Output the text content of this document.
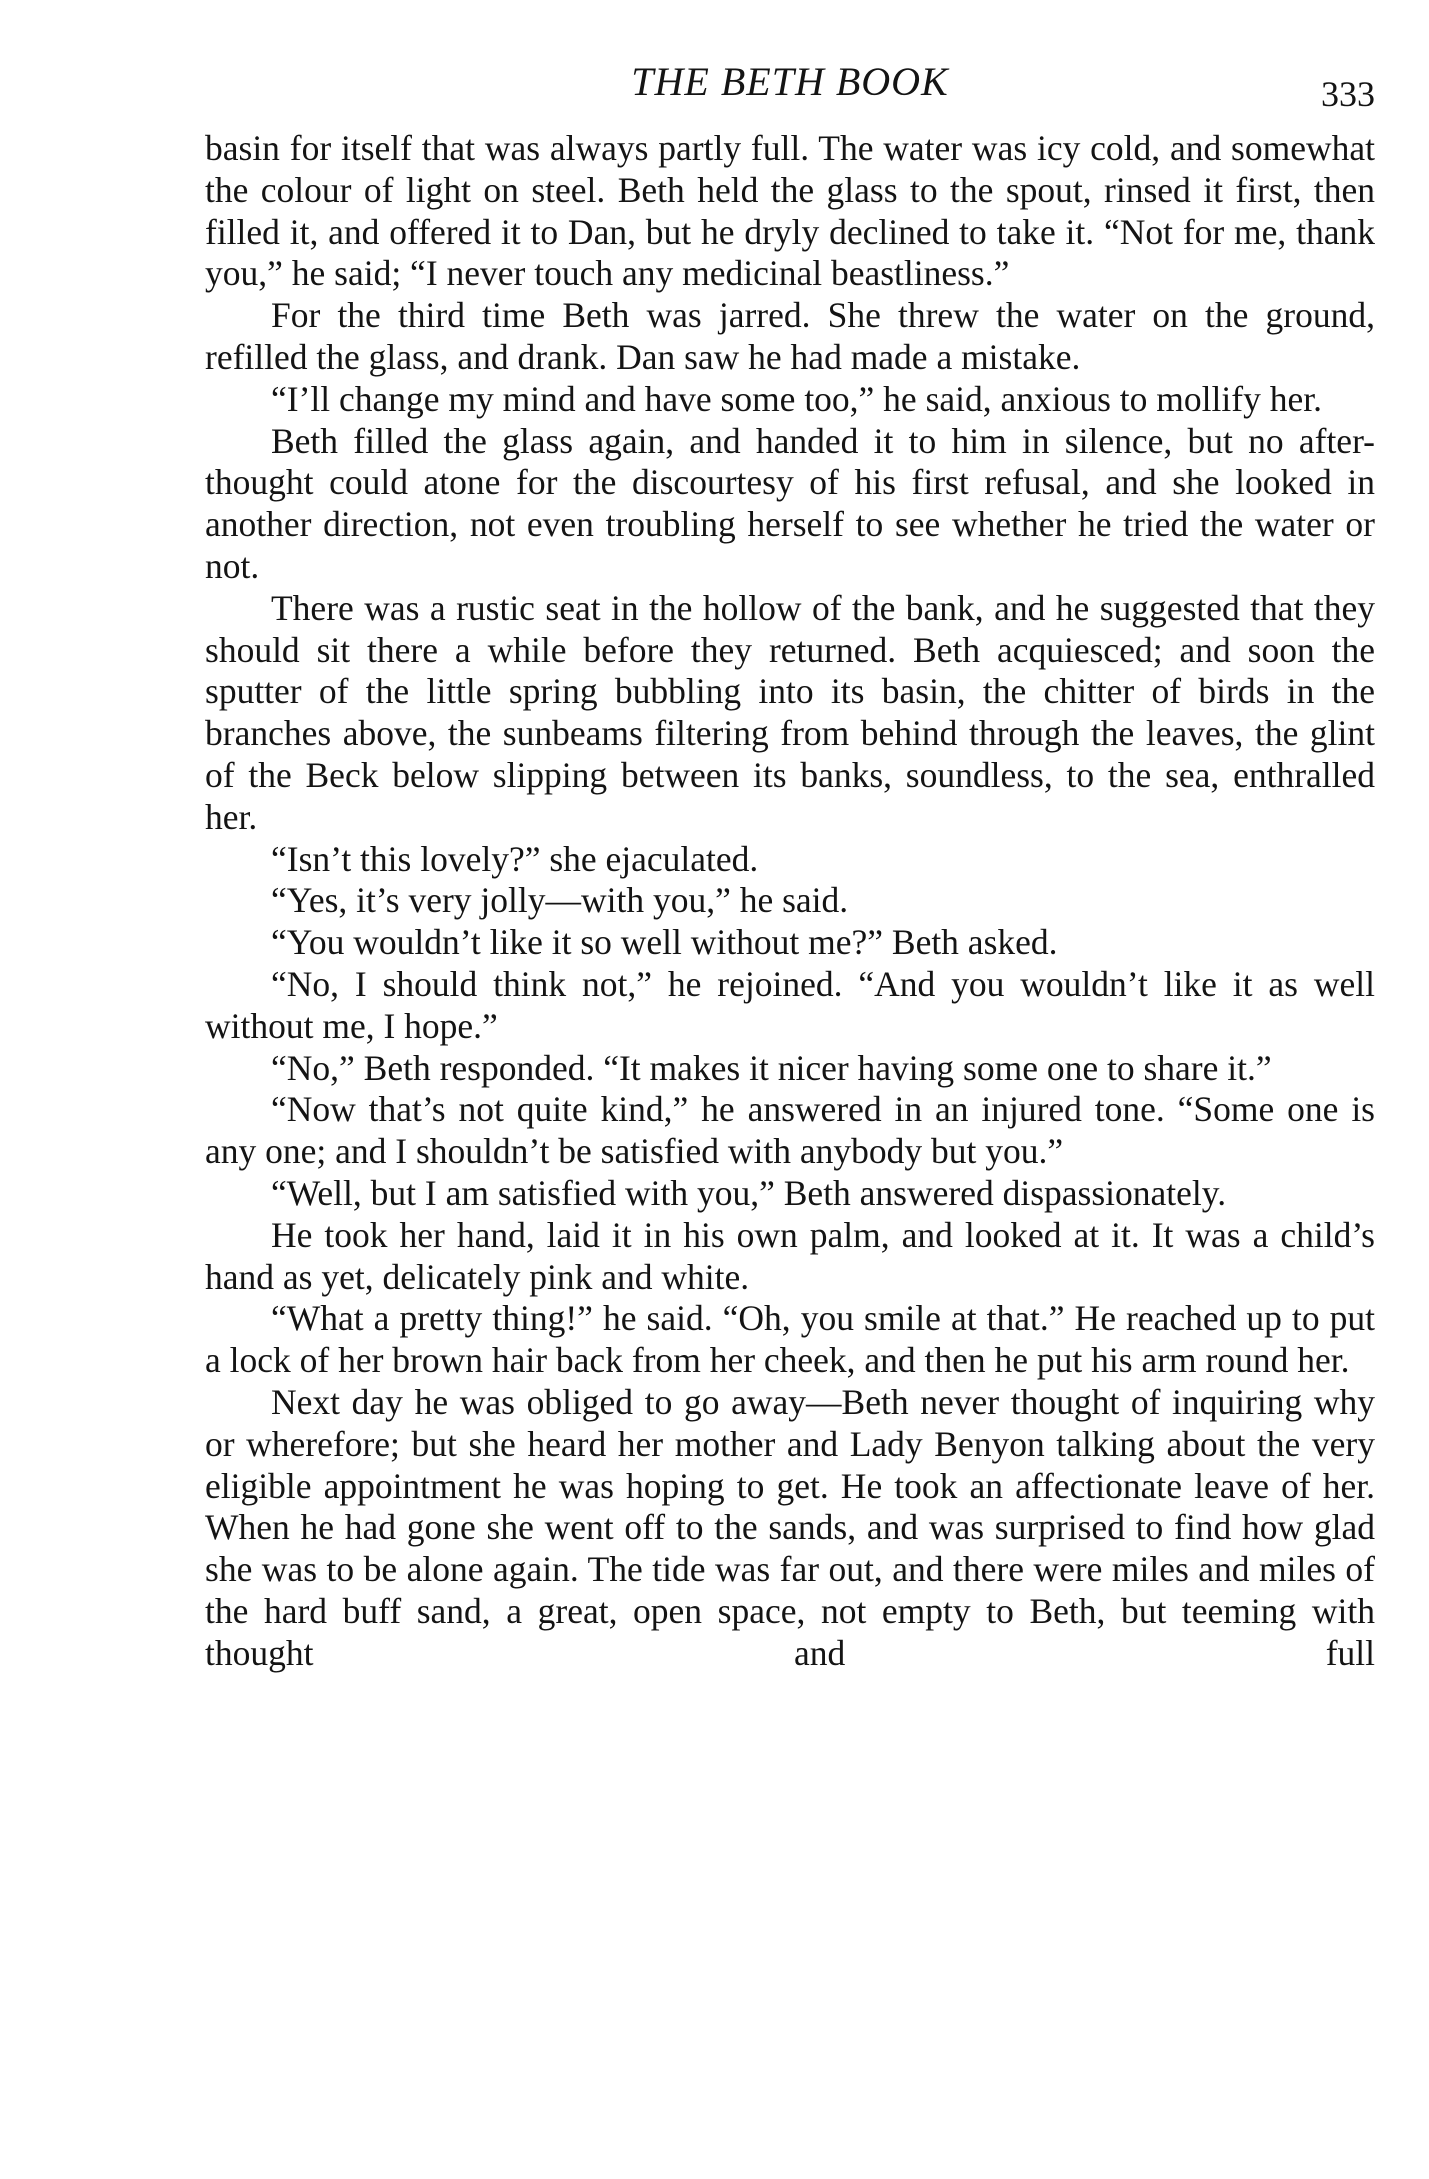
THE BETH BOOK	333

basin for itself that was always partly full. The water was icy cold, and somewhat the colour of light on steel. Beth held the glass to the spout, rinsed it first, then filled it, and offered it to Dan, but he dryly declined to take it. “Not for me, thank you,” he said; “I never touch any medicinal beastliness.”

For the third time Beth was jarred. She threw the water on the ground, refilled the glass, and drank. Dan saw he had made a mistake.

“I’ll change my mind and have some too,” he said, anxious to mollify her.

Beth filled the glass again, and handed it to him in silence, but no after-thought could atone for the discourtesy of his first refusal, and she looked in another direction, not even troubling herself to see whether he tried the water or not.

There was a rustic seat in the hollow of the bank, and he suggested that they should sit there a while before they returned. Beth acquiesced; and soon the sputter of the little spring bubbling into its basin, the chitter of birds in the branches above, the sunbeams filtering from behind through the leaves, the glint of the Beck below slipping between its banks, soundless, to the sea, enthralled her.

“Isn’t this lovely?” she ejaculated.

“Yes, it’s very jolly—with you,” he said.

“You wouldn’t like it so well without me?” Beth asked.

“No, I should think not,” he rejoined. “And you wouldn’t like it as well without me, I hope.”

“No,” Beth responded. “It makes it nicer having some one to share it.”

“Now that’s not quite kind,” he answered in an injured tone. “Some one is any one; and I shouldn’t be satisfied with anybody but you.”

“Well, but I am satisfied with you,” Beth answered dispassionately.

He took her hand, laid it in his own palm, and looked at it. It was a child’s hand as yet, delicately pink and white.

“What a pretty thing!” he said. “Oh, you smile at that.” He reached up to put a lock of her brown hair back from her cheek, and then he put his arm round her.

Next day he was obliged to go away—Beth never thought of inquiring why or wherefore; but she heard her mother and Lady Benyon talking about the very eligible appointment he was hoping to get. He took an affectionate leave of her. When he had gone she went off to the sands, and was surprised to find how glad she was to be alone again. The tide was far out, and there were miles and miles of the hard buff sand, a great, open space, not empty to Beth, but teeming with thought and full
